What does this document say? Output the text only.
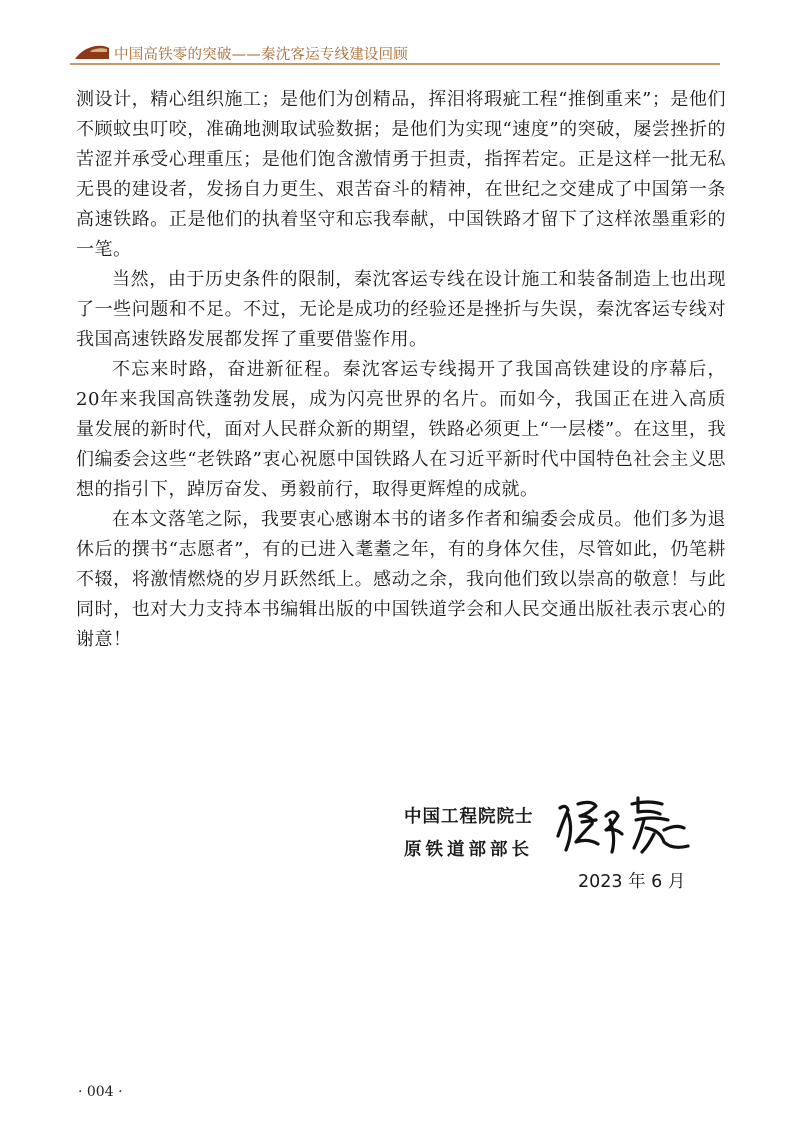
中国高铁零的突破——秦沈客运专线建设回顾

测设计，精心组织施工；是他们为创精品，挥泪将瑕疵工程“推倒重来”；是他们不顾蚊虫叮咬，准确地测取试验数据；是他们为实现“速度”的突破，屡尝挫折的苦涩并承受心理重压；是他们饱含激情勇于担责，指挥若定。正是这样一批无私无畏的建设者，发扬自力更生、艰苦奋斗的精神，在世纪之交建成了中国第一条高速铁路。正是他们的执着坚守和忘我奉献，中国铁路才留下了这样浓墨重彩的一笔。

当然，由于历史条件的限制，秦沈客运专线在设计施工和装备制造上也出现了一些问题和不足。不过，无论是成功的经验还是挫折与失误，秦沈客运专线对我国高速铁路发展都发挥了重要借鉴作用。

不忘来时路，奋进新征程。秦沈客运专线揭开了我国高铁建设的序幕后，20年来我国高铁蓬勃发展，成为闪亮世界的名片。而如今，我国正在进入高质量发展的新时代，面对人民群众新的期望，铁路必须更上“一层楼”。在这里，我们编委会这些“老铁路”衷心祝愿中国铁路人在习近平新时代中国特色社会主义思想的指引下，踔厉奋发、勇毅前行，取得更辉煌的成就。

在本文落笔之际，我要衷心感谢本书的诸多作者和编委会成员。他们多为退休后的撰书“志愿者”，有的已进入耄耋之年，有的身体欠佳，尽管如此，仍笔耕不辍，将激情燃烧的岁月跃然纸上。感动之余，我向他们致以崇高的敬意！与此同时，也对大力支持本书编辑出版的中国铁道学会和人民交通出版社表示衷心的谢意！

中国工程院院士
原铁道部部长
2023 年 6 月
· 004 ·
